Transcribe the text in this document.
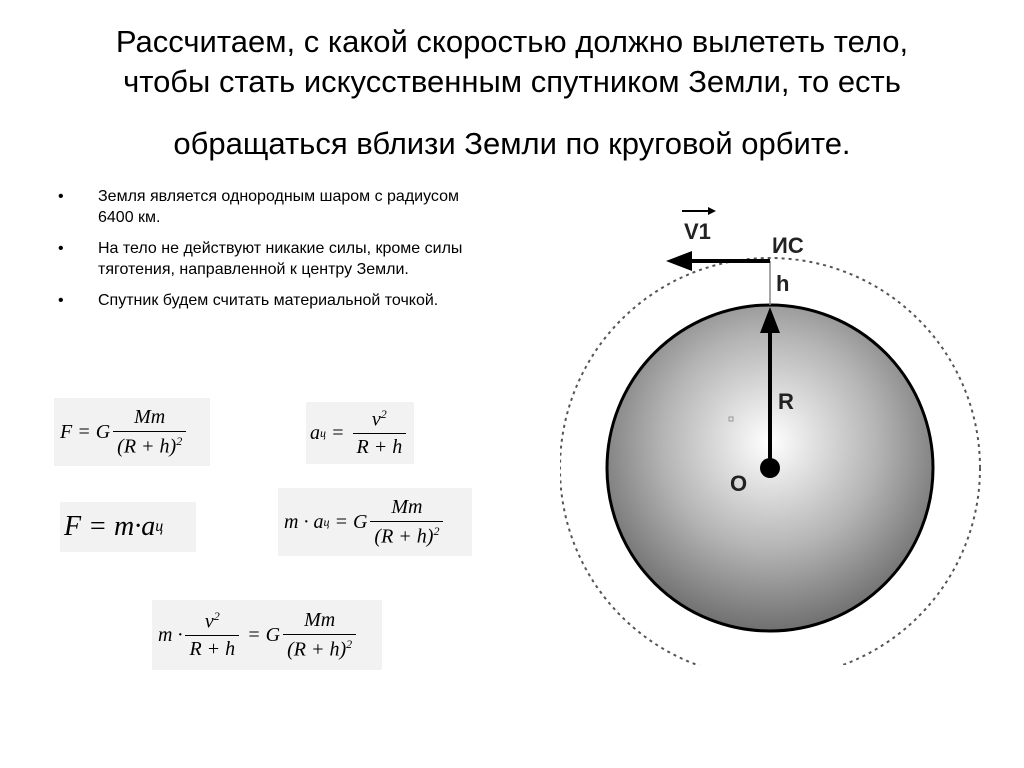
Рассчитаем, с какой скоростью должно вылететь тело,
чтобы стать искусственным спутником Земли, то есть
обращаться вблизи Земли по круговой орбите.
•	Земля является однородным шаром с радиусом 6400 км.
•	На тело не действуют никакие силы, кроме силы тяготения, направленной к центру Земли.
•	Спутник будем считать материальной точкой.
F = G $\frac{Mm}{(R + h)^2}$	a $ц = \frac{v^2}{R + h}$
F = m·a ц	m · a ц = G $\frac{Mm}{(R + h)^2}$
$m \cdot \frac{v^2}{R + h} = G \frac{Mm}{(R + h)^2}$
V1
ИС
h
R
O
